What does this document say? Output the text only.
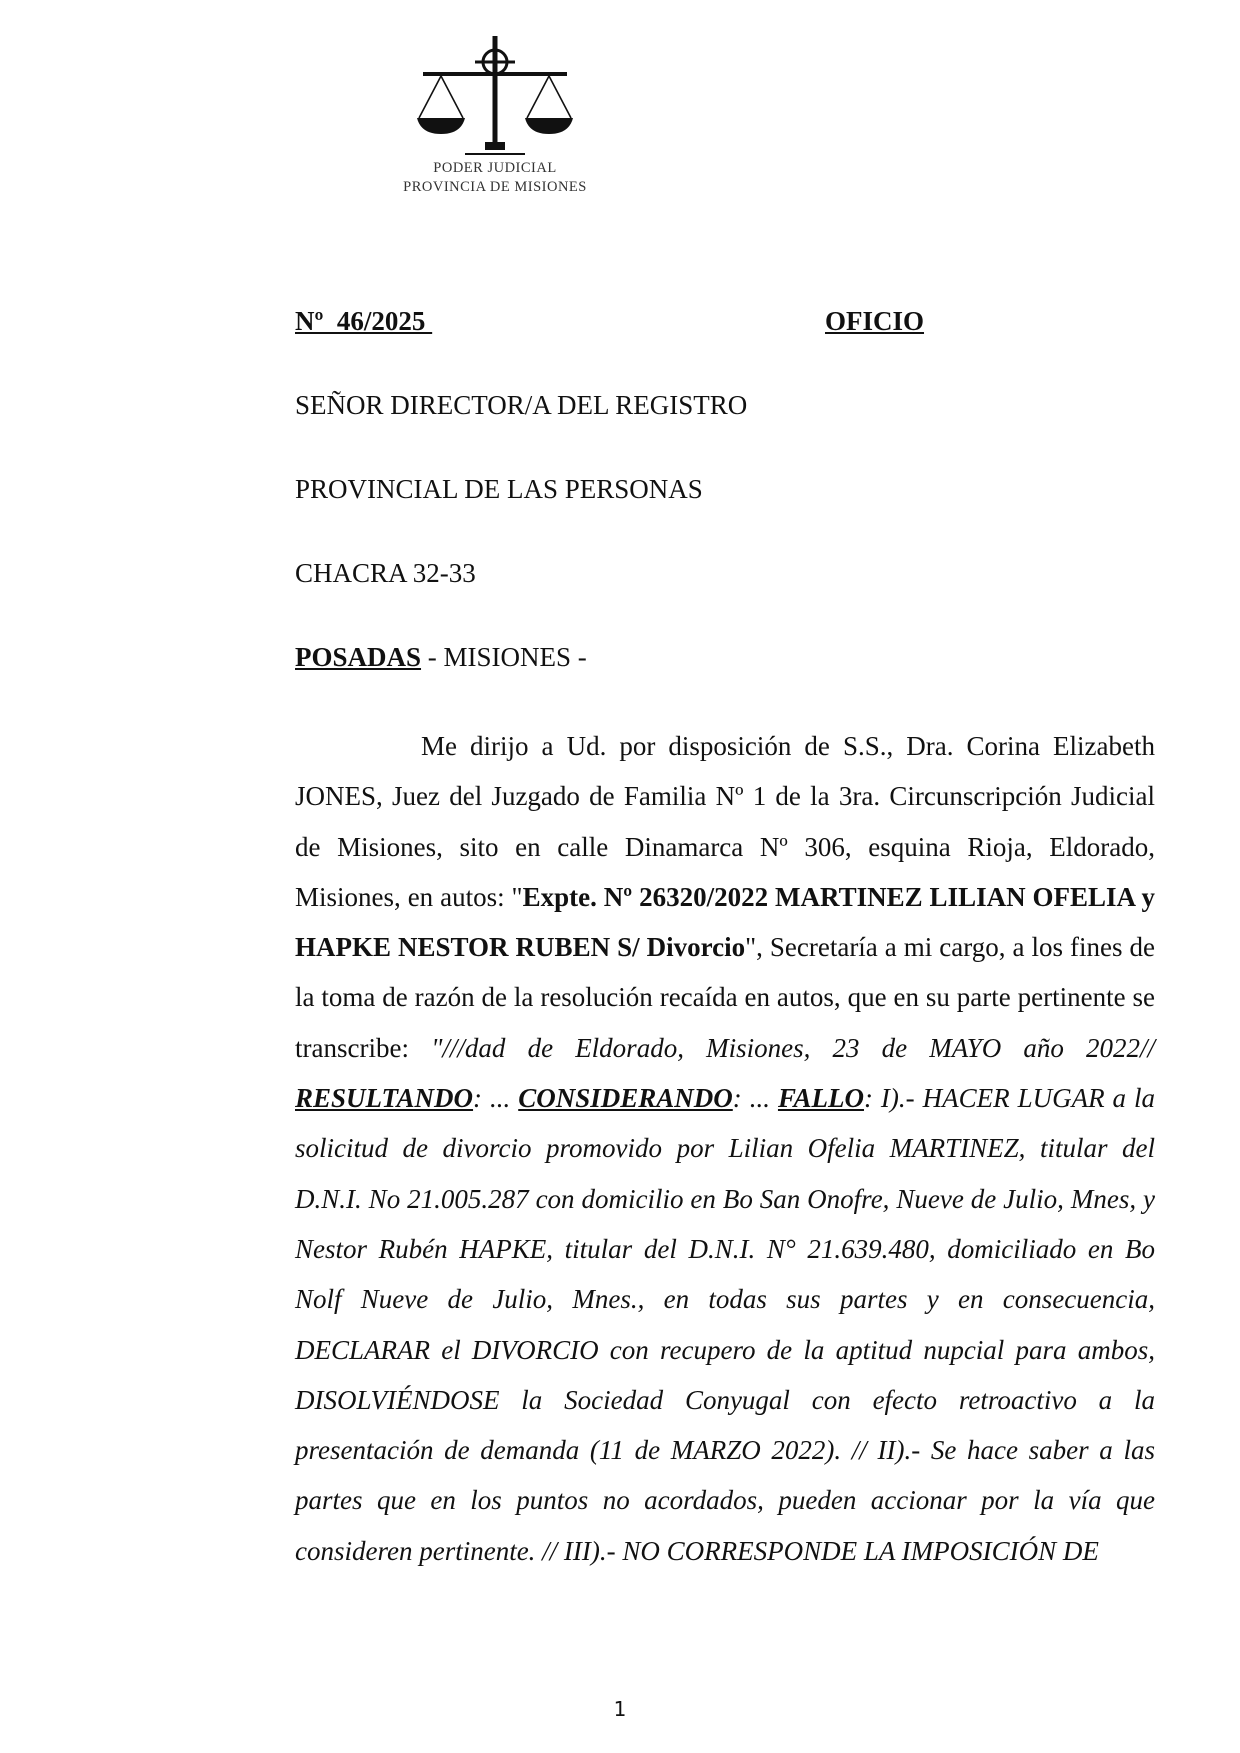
PODER JUDICIAL
PROVINCIA DE MISIONES
Nº  46/2025	OFICIO
SEÑOR DIRECTOR/A DEL REGISTRO
PROVINCIAL DE LAS PERSONAS
CHACRA 32-33
POSADAS - MISIONES -

Me dirijo a Ud. por disposición de S.S., Dra. Corina Elizabeth JONES, Juez del Juzgado de Familia Nº 1 de la 3ra. Circunscripción Judicial de Misiones, sito en calle Dinamarca Nº 306, esquina Rioja, Eldorado, Misiones, en autos: "Expte. Nº 26320/2022 MARTINEZ LILIAN OFELIA y HAPKE NESTOR RUBEN S/ Divorcio", Secretaría a mi cargo, a los fines de la toma de razón de la resolución recaída en autos, que en su parte pertinente se transcribe: "///dad de Eldorado, Misiones, 23 de MAYO año 2022// RESULTANDO: ... CONSIDERANDO: ... FALLO: I).- HACER LUGAR a la solicitud de divorcio promovido por Lilian Ofelia MARTINEZ, titular del D.N.I. No 21.005.287 con domicilio en Bo San Onofre, Nueve de Julio, Mnes, y Nestor Rubén HAPKE, titular del D.N.I. N° 21.639.480, domiciliado en Bo Nolf Nueve de Julio, Mnes., en todas sus partes y en consecuencia, DECLARAR el DIVORCIO con recupero de la aptitud nupcial para ambos, DISOLVIÉNDOSE la Sociedad Conyugal con efecto retroactivo a la presentación de demanda (11 de MARZO 2022). // II).- Se hace saber a las partes que en los puntos no acordados, pueden accionar por la vía que consideren pertinente. // III).- NO CORRESPONDE LA IMPOSICIÓN DE

1
